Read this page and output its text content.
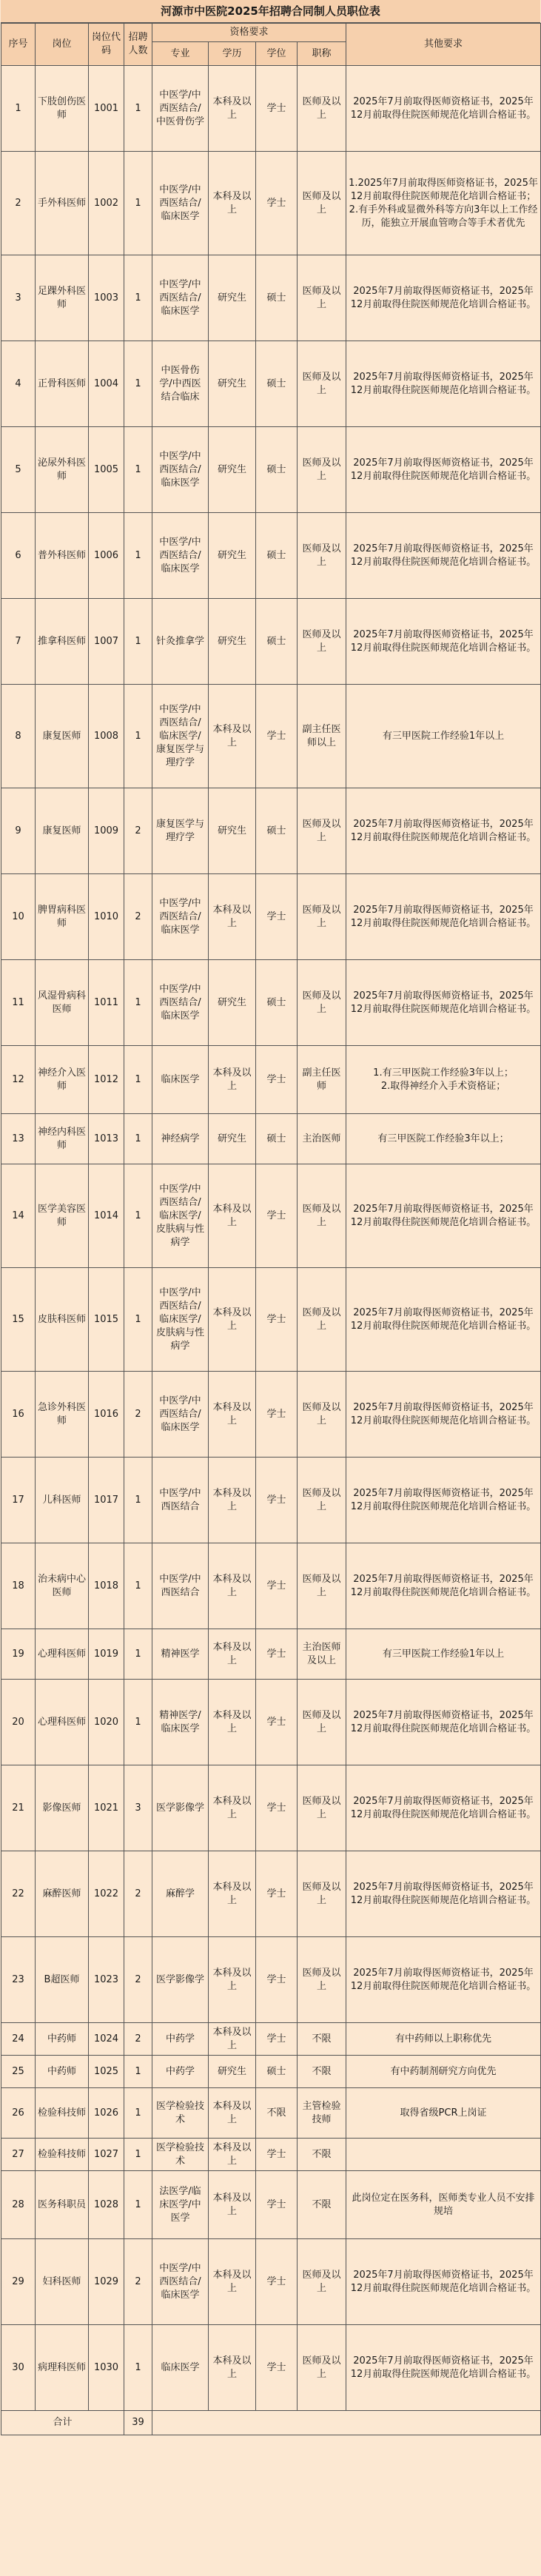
河源市中医院2025年招聘合同制人员职位表
序号	岗位	岗位代码	招聘人数	资格要求				其他要求
				专业	学历	学位	职称	
1	下肢创伤医师	1001	1	中医学/中西医结合/中医骨伤学	本科及以上	学士	医师及以上	2025年7月前取得医师资格证书，2025年12月前取得住院医师规范化培训合格证书。
2	手外科医师	1002	1	中医学/中西医结合/临床医学	本科及以上	学士	医师及以上	1.2025年7月前取得医师资格证书，2025年12月前取得住院医师规范化培训合格证书；
2.有手外科或显微外科等方向3年以上工作经历，能独立开展血管吻合等手术者优先
3	足踝外科医师	1003	1	中医学/中西医结合/临床医学	研究生	硕士	医师及以上	2025年7月前取得医师资格证书，2025年12月前取得住院医师规范化培训合格证书。
4	正骨科医师	1004	1	中医骨伤学/中西医结合临床	研究生	硕士	医师及以上	2025年7月前取得医师资格证书，2025年12月前取得住院医师规范化培训合格证书。
5	泌尿外科医师	1005	1	中医学/中西医结合/临床医学	研究生	硕士	医师及以上	2025年7月前取得医师资格证书，2025年12月前取得住院医师规范化培训合格证书。
6	普外科医师	1006	1	中医学/中西医结合/临床医学	研究生	硕士	医师及以上	2025年7月前取得医师资格证书，2025年12月前取得住院医师规范化培训合格证书。
7	推拿科医师	1007	1	针灸推拿学	研究生	硕士	医师及以上	2025年7月前取得医师资格证书，2025年12月前取得住院医师规范化培训合格证书。
8	康复医师	1008	1	中医学/中西医结合/临床医学/康复医学与理疗学	本科及以上	学士	副主任医师以上	有三甲医院工作经验1年以上
9	康复医师	1009	2	康复医学与理疗学	研究生	硕士	医师及以上	2025年7月前取得医师资格证书，2025年12月前取得住院医师规范化培训合格证书。
10	脾胃病科医师	1010	2	中医学/中西医结合/临床医学	本科及以上	学士	医师及以上	2025年7月前取得医师资格证书，2025年12月前取得住院医师规范化培训合格证书。
11	风湿骨病科医师	1011	1	中医学/中西医结合/临床医学	研究生	硕士	医师及以上	2025年7月前取得医师资格证书，2025年12月前取得住院医师规范化培训合格证书。
12	神经介入医师	1012	1	临床医学	本科及以上	学士	副主任医师	1.有三甲医院工作经验3年以上；
2.取得神经介入手术资格证；
13	神经内科医师	1013	1	神经病学	研究生	硕士	主治医师	有三甲医院工作经验3年以上；
14	医学美容医师	1014	1	中医学/中西医结合/临床医学/皮肤病与性病学	本科及以上	学士	医师及以上	2025年7月前取得医师资格证书，2025年12月前取得住院医师规范化培训合格证书。
15	皮肤科医师	1015	1	中医学/中西医结合/临床医学/皮肤病与性病学	本科及以上	学士	医师及以上	2025年7月前取得医师资格证书，2025年12月前取得住院医师规范化培训合格证书。
16	急诊外科医师	1016	2	中医学/中西医结合/临床医学	本科及以上	学士	医师及以上	2025年7月前取得医师资格证书，2025年12月前取得住院医师规范化培训合格证书。
17	儿科医师	1017	1	中医学/中西医结合	本科及以上	学士	医师及以上	2025年7月前取得医师资格证书，2025年12月前取得住院医师规范化培训合格证书。
18	治未病中心医师	1018	1	中医学/中西医结合	本科及以上	学士	医师及以上	2025年7月前取得医师资格证书，2025年12月前取得住院医师规范化培训合格证书。
19	心理科医师	1019	1	精神医学	本科及以上	学士	主治医师及以上	有三甲医院工作经验1年以上
20	心理科医师	1020	1	精神医学/临床医学	本科及以上	学士	医师及以上	2025年7月前取得医师资格证书，2025年12月前取得住院医师规范化培训合格证书。
21	影像医师	1021	3	医学影像学	本科及以上	学士	医师及以上	2025年7月前取得医师资格证书，2025年12月前取得住院医师规范化培训合格证书。
22	麻醉医师	1022	2	麻醉学	本科及以上	学士	医师及以上	2025年7月前取得医师资格证书，2025年12月前取得住院医师规范化培训合格证书。
23	B超医师	1023	2	医学影像学	本科及以上	学士	医师及以上	2025年7月前取得医师资格证书，2025年12月前取得住院医师规范化培训合格证书。
24	中药师	1024	2	中药学	本科及以上	学士	不限	有中药师以上职称优先
25	中药师	1025	1	中药学	研究生	硕士	不限	有中药制剂研究方向优先
26	检验科技师	1026	1	医学检验技术	本科及以上	不限	主管检验技师	取得省级PCR上岗证
27	检验科技师	1027	1	医学检验技术	本科及以上	学士	不限	
28	医务科职员	1028	1	法医学/临床医学/中医学	本科及以上	学士	不限	此岗位定在医务科，医师类专业人员不安排规培
29	妇科医师	1029	2	中医学/中西医结合/临床医学	本科及以上	学士	医师及以上	2025年7月前取得医师资格证书，2025年12月前取得住院医师规范化培训合格证书。
30	病理科医师	1030	1	临床医学	本科及以上	学士	医师及以上	2025年7月前取得医师资格证书，2025年12月前取得住院医师规范化培训合格证书。
合计			39					
